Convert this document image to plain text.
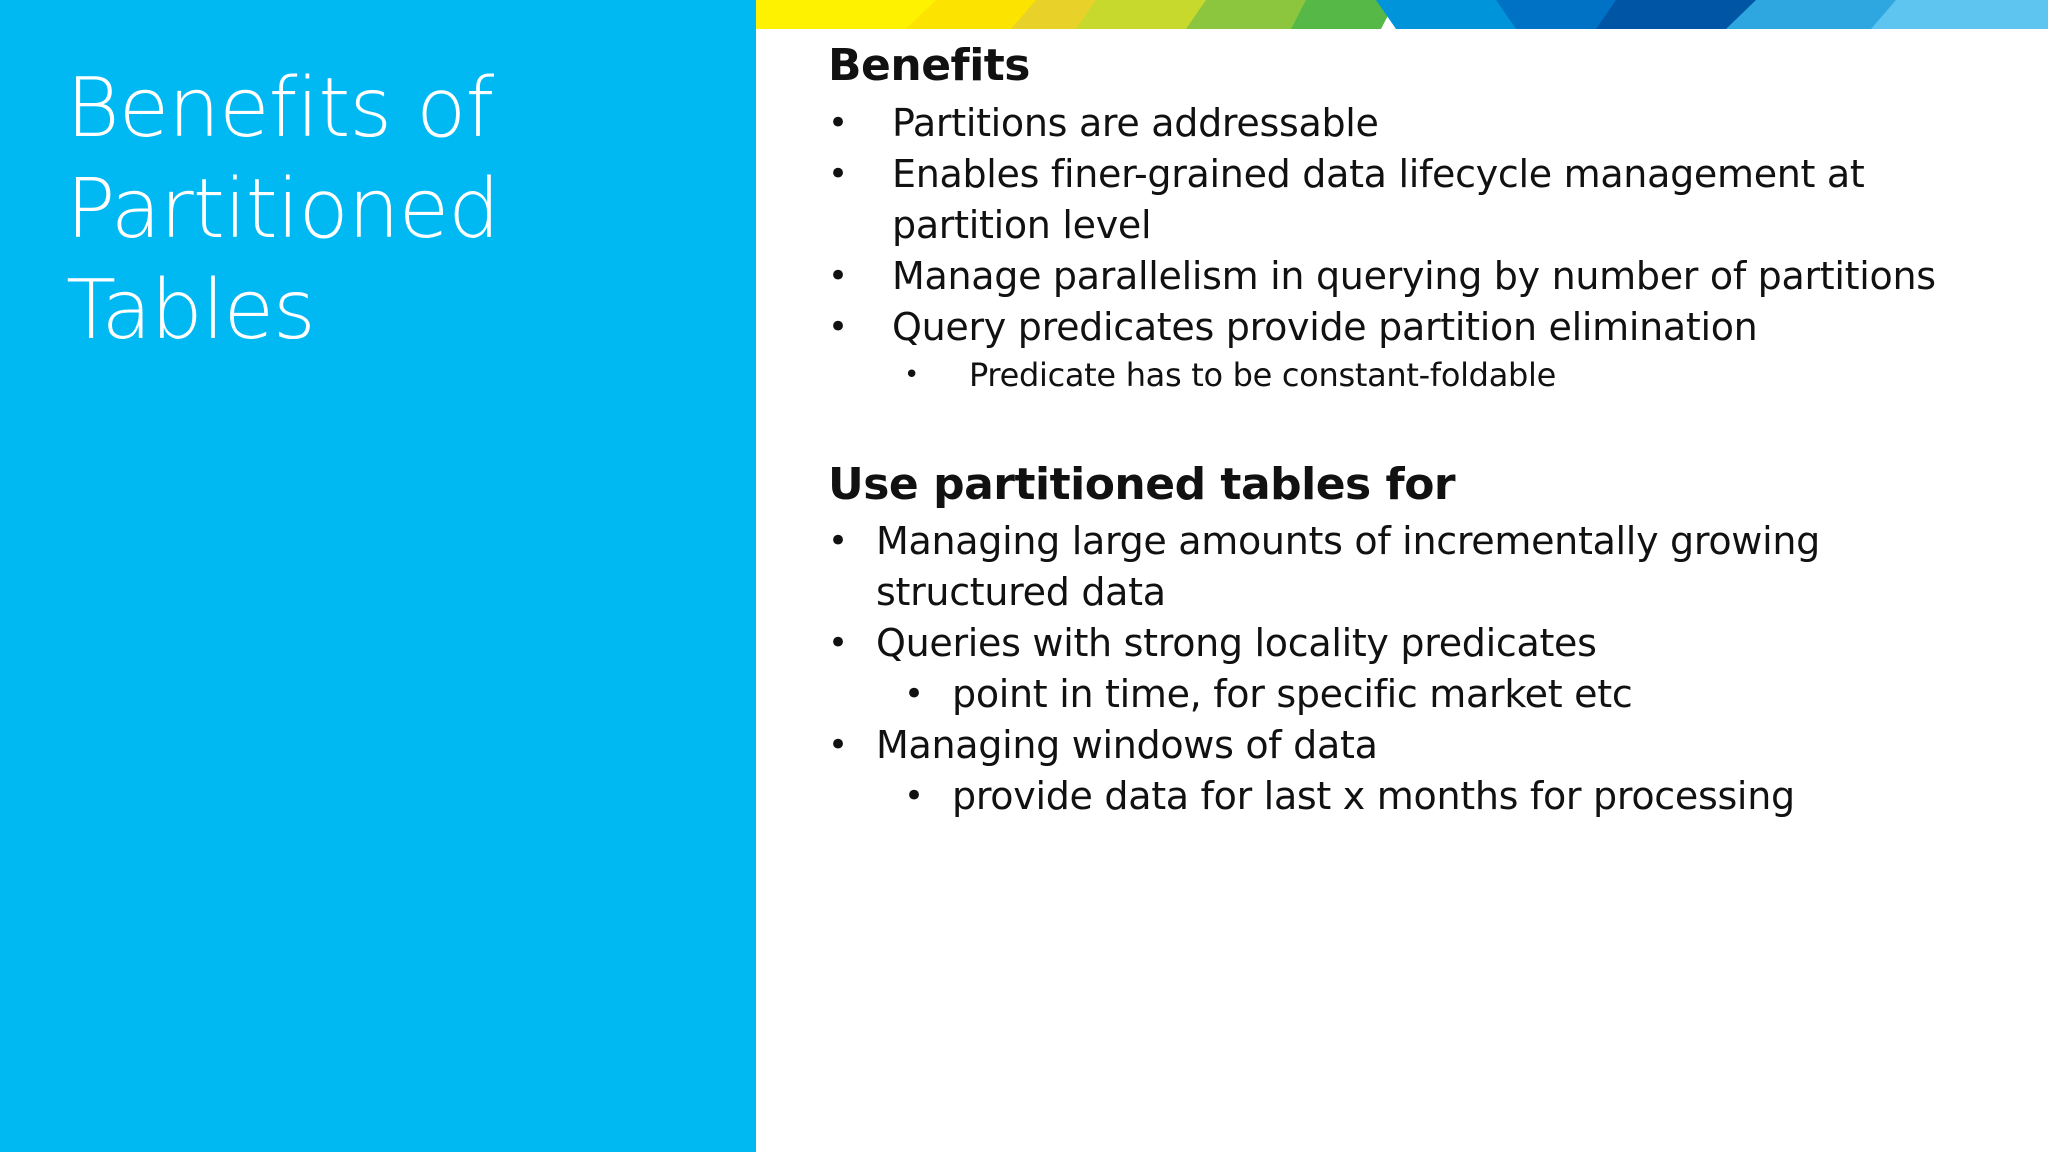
Benefits of
Partitioned
Tables
Benefits
• Partitions are addressable
• Enables finer-grained data lifecycle management at
partition level
• Manage parallelism in querying by number of partitions
• Query predicates provide partition elimination
• Predicate has to be constant-foldable
Use partitioned tables for
• Managing large amounts of incrementally growing
structured data
• Queries with strong locality predicates
• point in time, for specific market etc
• Managing windows of data
• provide data for last x months for processing
